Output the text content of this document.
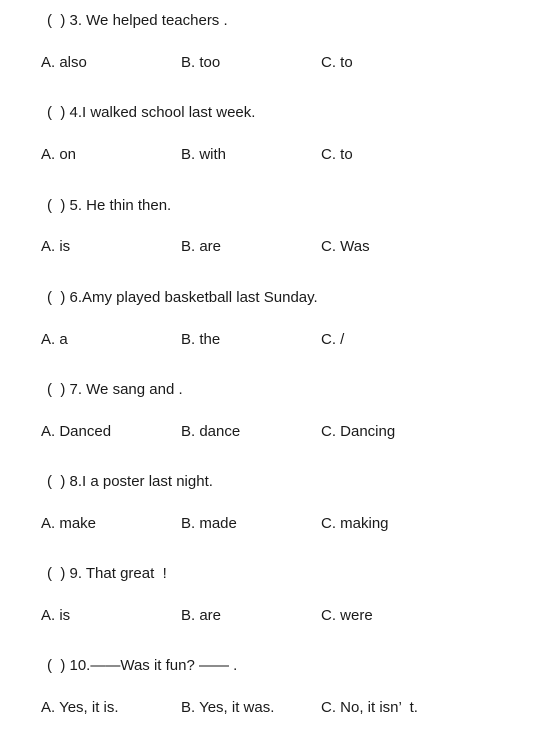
(  ) 3. We helped teachers .
A. also	B. too	C. to
(  ) 4.I walked school last week.
A. on	B. with	C. to
(  ) 5. He thin then.
A. is	B. are	C. Was
(  ) 6.Amy played basketball last Sunday.
A. a	B. the	C. /
(  ) 7. We sang and .
A. Danced	B. dance	C. Dancing
(  ) 8.I a poster last night.
A. make	B. made	C. making
(  ) 9. That great  !
A. is	B. are	C. were
(  ) 10.——Was it fun? —— .
A. Yes, it is.	B. Yes, it was.	C. No, it isn’  t.
